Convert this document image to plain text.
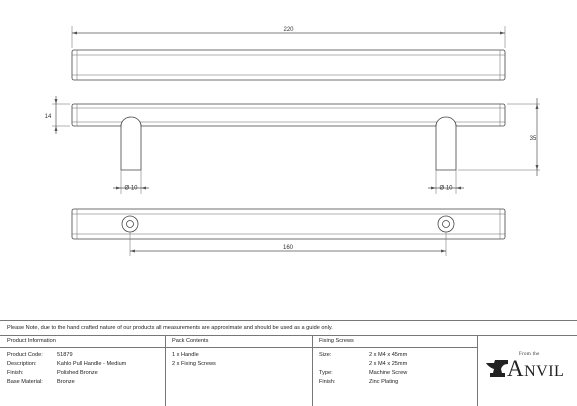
220
14
35
Ø 10	Ø 10
160
Please Note, due to the hand crafted nature of our products all measurements are approximate and should be used as a guide only.
Product Information
Product Code:	51879
Description:	Kahlo Pull Handle - Medium
Finish:	Polished Bronze
Base Material:	Bronze
Pack Contents
1 x Handle
2 x Fixing Screws
Fixing Screws
Size:	2 x M4 x 45mm
2 x M4 x 25mm
Type:	Machine Screw
Finish:	Zinc Plating
From the
Anvil
